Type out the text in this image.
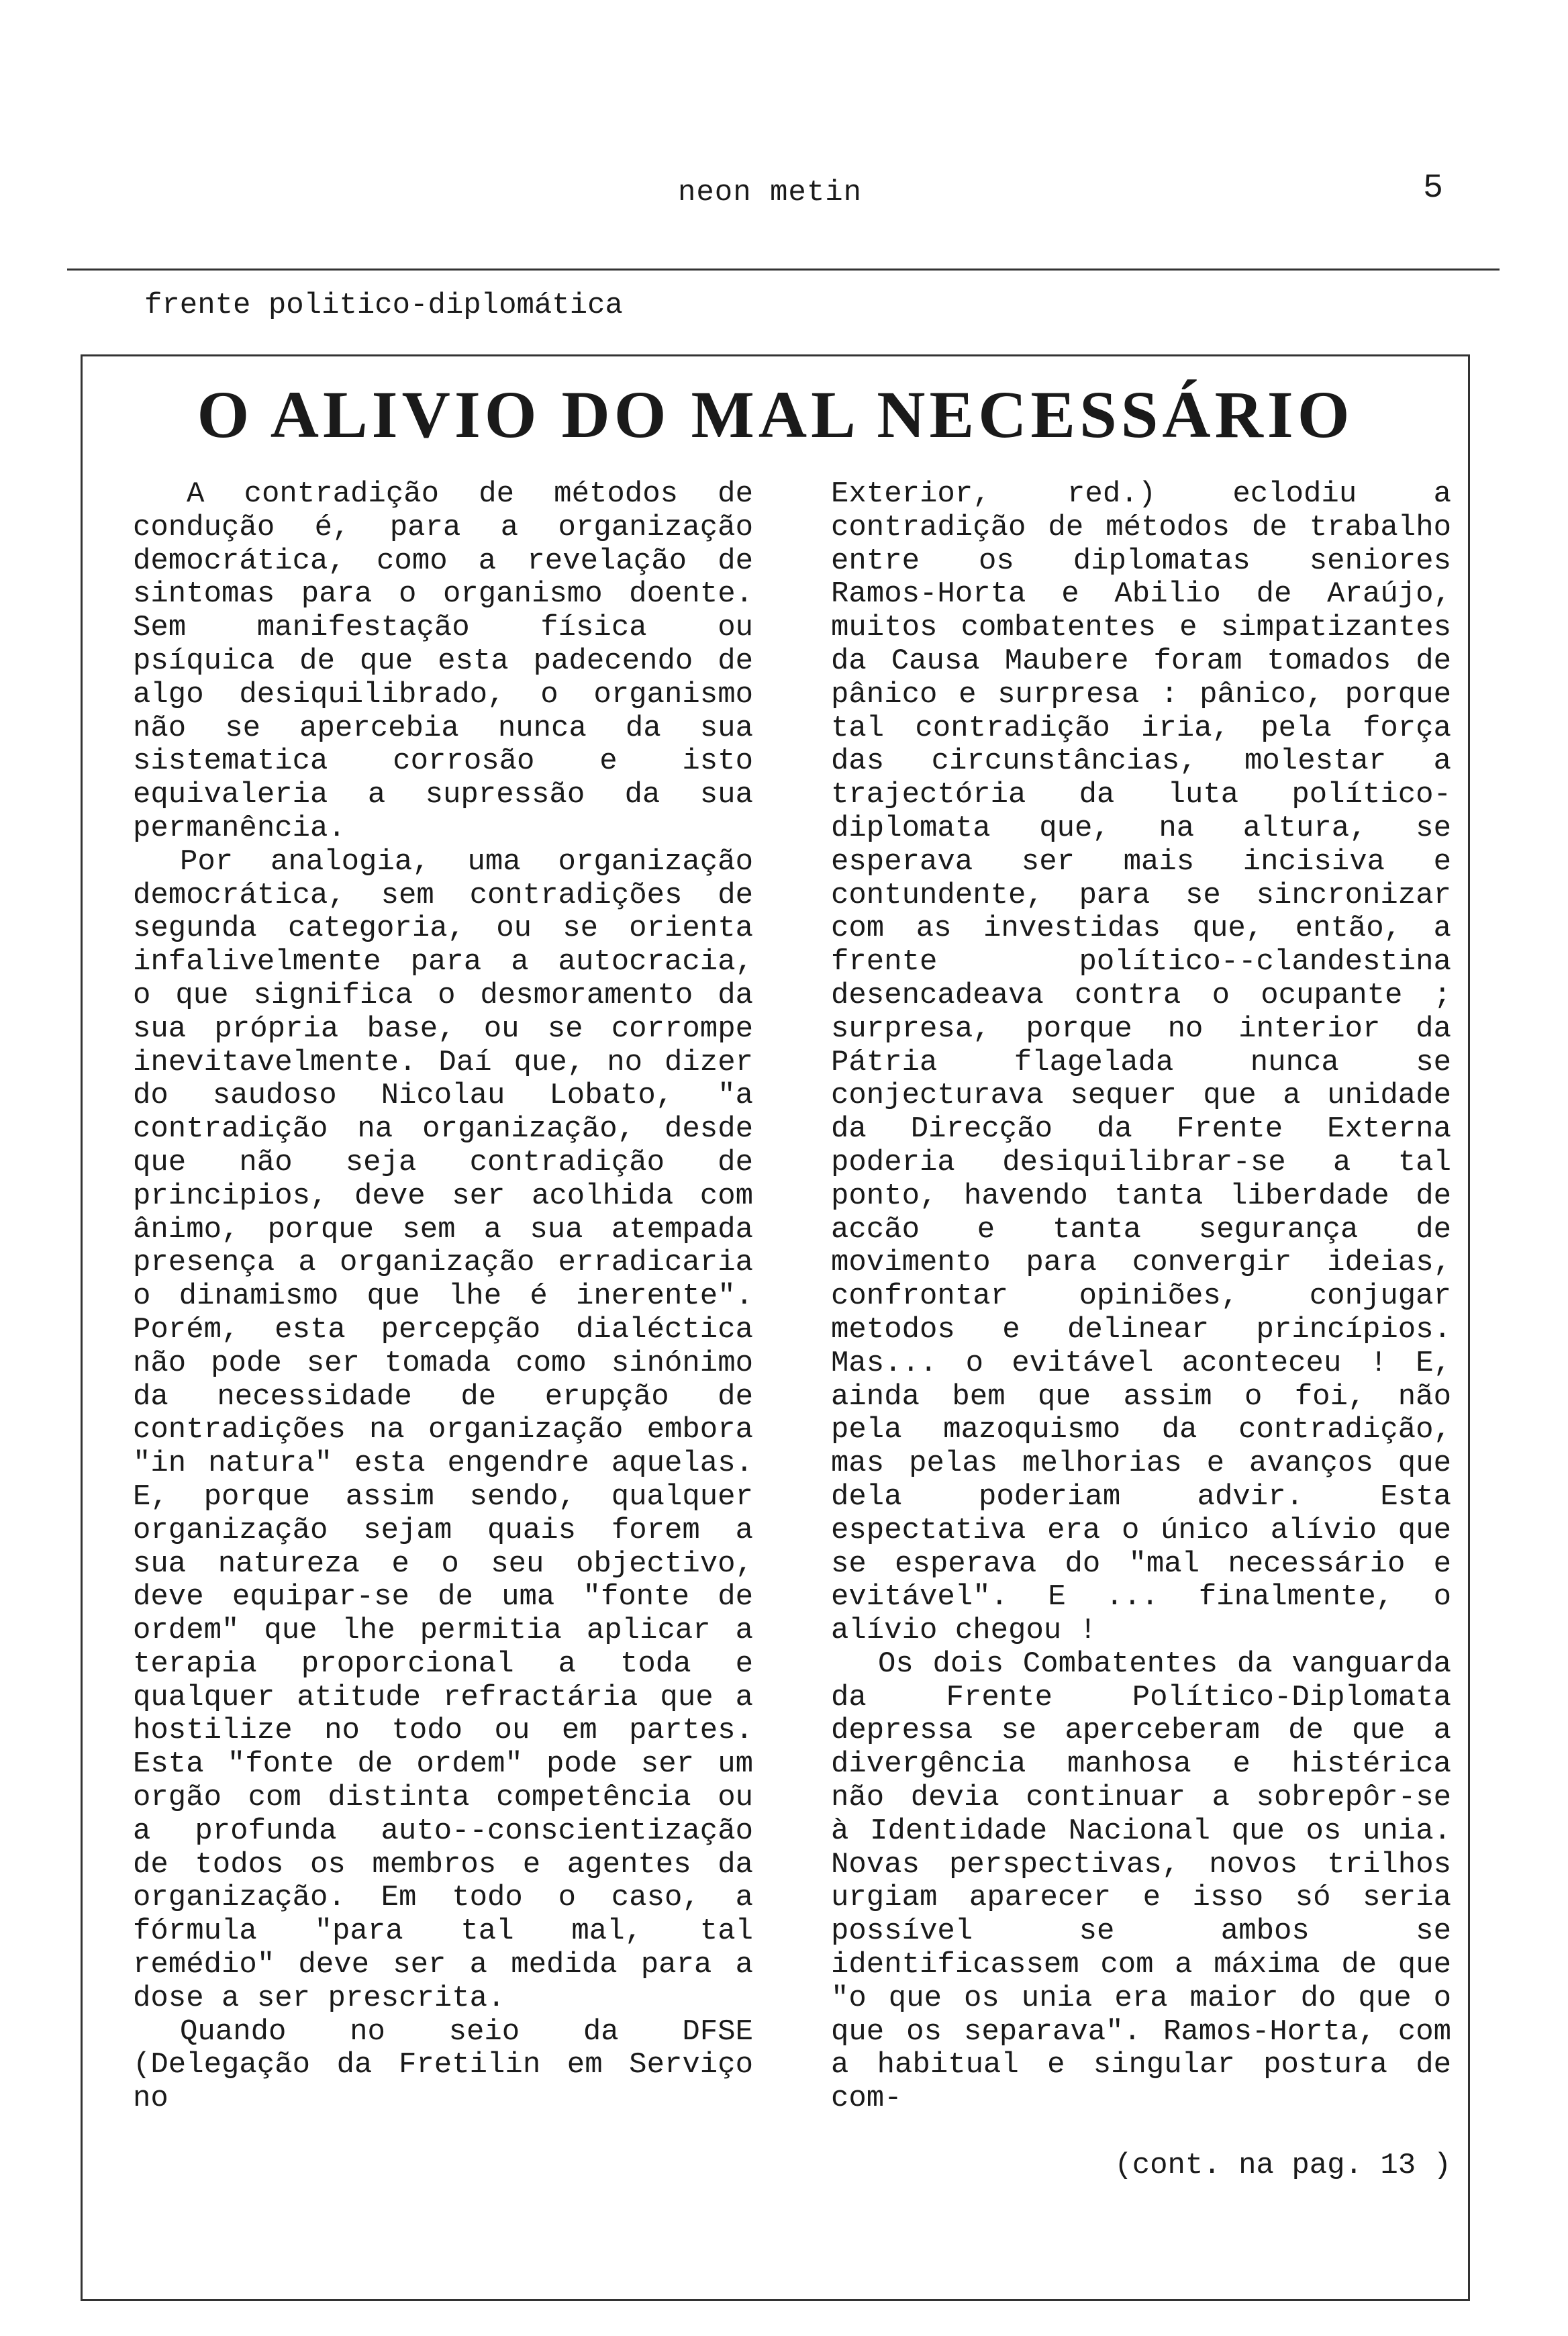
neon metin	5
frente politico-diplomática
O ALIVIO DO MAL NECESSÁRIO

A contradição de métodos de condução é, para a organização democrática, como a revelação de sintomas para o organismo doente. Sem manifestação física ou psíquica de que esta padecendo de algo desiquilibrado, o organismo não se apercebia nunca da sua sistematica corrosão e isto equivaleria a supressão da sua permanência.

Por analogia, uma organização democrática, sem contradições de segunda categoria, ou se orienta infalivelmente para a autocracia, o que significa o desmoramento da sua própria base, ou se corrompe inevitavelmente. Daí que, no dizer do saudoso Nicolau Lobato, "a contradição na organização, desde que não seja contradição de principios, deve ser acolhida com ânimo, porque sem a sua atempada presença a organização erradicaria o dinamismo que lhe é inerente". Porém, esta percepção dialéctica não pode ser tomada como sinónimo da necessidade de erupção de contradições na organização embora "in natura" esta engendre aquelas. E, porque assim sendo, qualquer organização sejam quais forem a sua natureza e o seu objectivo, deve equipar-se de uma "fonte de ordem" que lhe permitia aplicar a terapia proporcional a toda e qualquer atitude refractária que a hostilize no todo ou em partes. Esta "fonte de ordem" pode ser um orgão com distinta competência ou a profunda auto--conscientização de todos os membros e agentes da organização. Em todo o caso, a fórmula "para tal mal, tal remédio" deve ser a medida para a dose a ser prescrita.

Quando no seio da DFSE (Delegação da Fretilin em Serviço no

Exterior, red.) eclodiu a contradição de métodos de trabalho entre os diplomatas seniores Ramos-Horta e Abilio de Araújo, muitos combatentes e simpatizantes da Causa Maubere foram tomados de pânico e surpresa : pânico, porque tal contradição iria, pela força das circunstâncias, molestar a trajectória da luta político-diplomata que, na altura, se esperava ser mais incisiva e contundente, para se sincronizar com as investidas que, então, a frente político--clandestina desencadeava contra o ocupante ; surpresa, porque no interior da Pátria flagelada nunca se conjecturava sequer que a unidade da Direcção da Frente Externa poderia desiquilibrar-se a tal ponto, havendo tanta liberdade de accão e tanta segurança de movimento para convergir ideias, confrontar opiniões, conjugar metodos e delinear princípios. Mas... o evitável aconteceu ! E, ainda bem que assim o foi, não pela mazoquismo da contradição, mas pelas melhorias e avanços que dela poderiam advir. Esta espectativa era o único alívio que se esperava do "mal necessário e evitável". E ... finalmente, o alívio chegou !

Os dois Combatentes da vanguarda da Frente Político-Diplomata depressa se aperceberam de que a divergência manhosa e histérica não devia continuar a sobrepôr-se à Identidade Nacional que os unia. Novas perspectivas, novos trilhos urgiam aparecer e isso só seria possível se ambos se identificassem com a máxima de que "o que os unia era maior do que o que os separava". Ramos-Horta, com a habitual e singular postura de com-

(cont. na pag. 13 )
